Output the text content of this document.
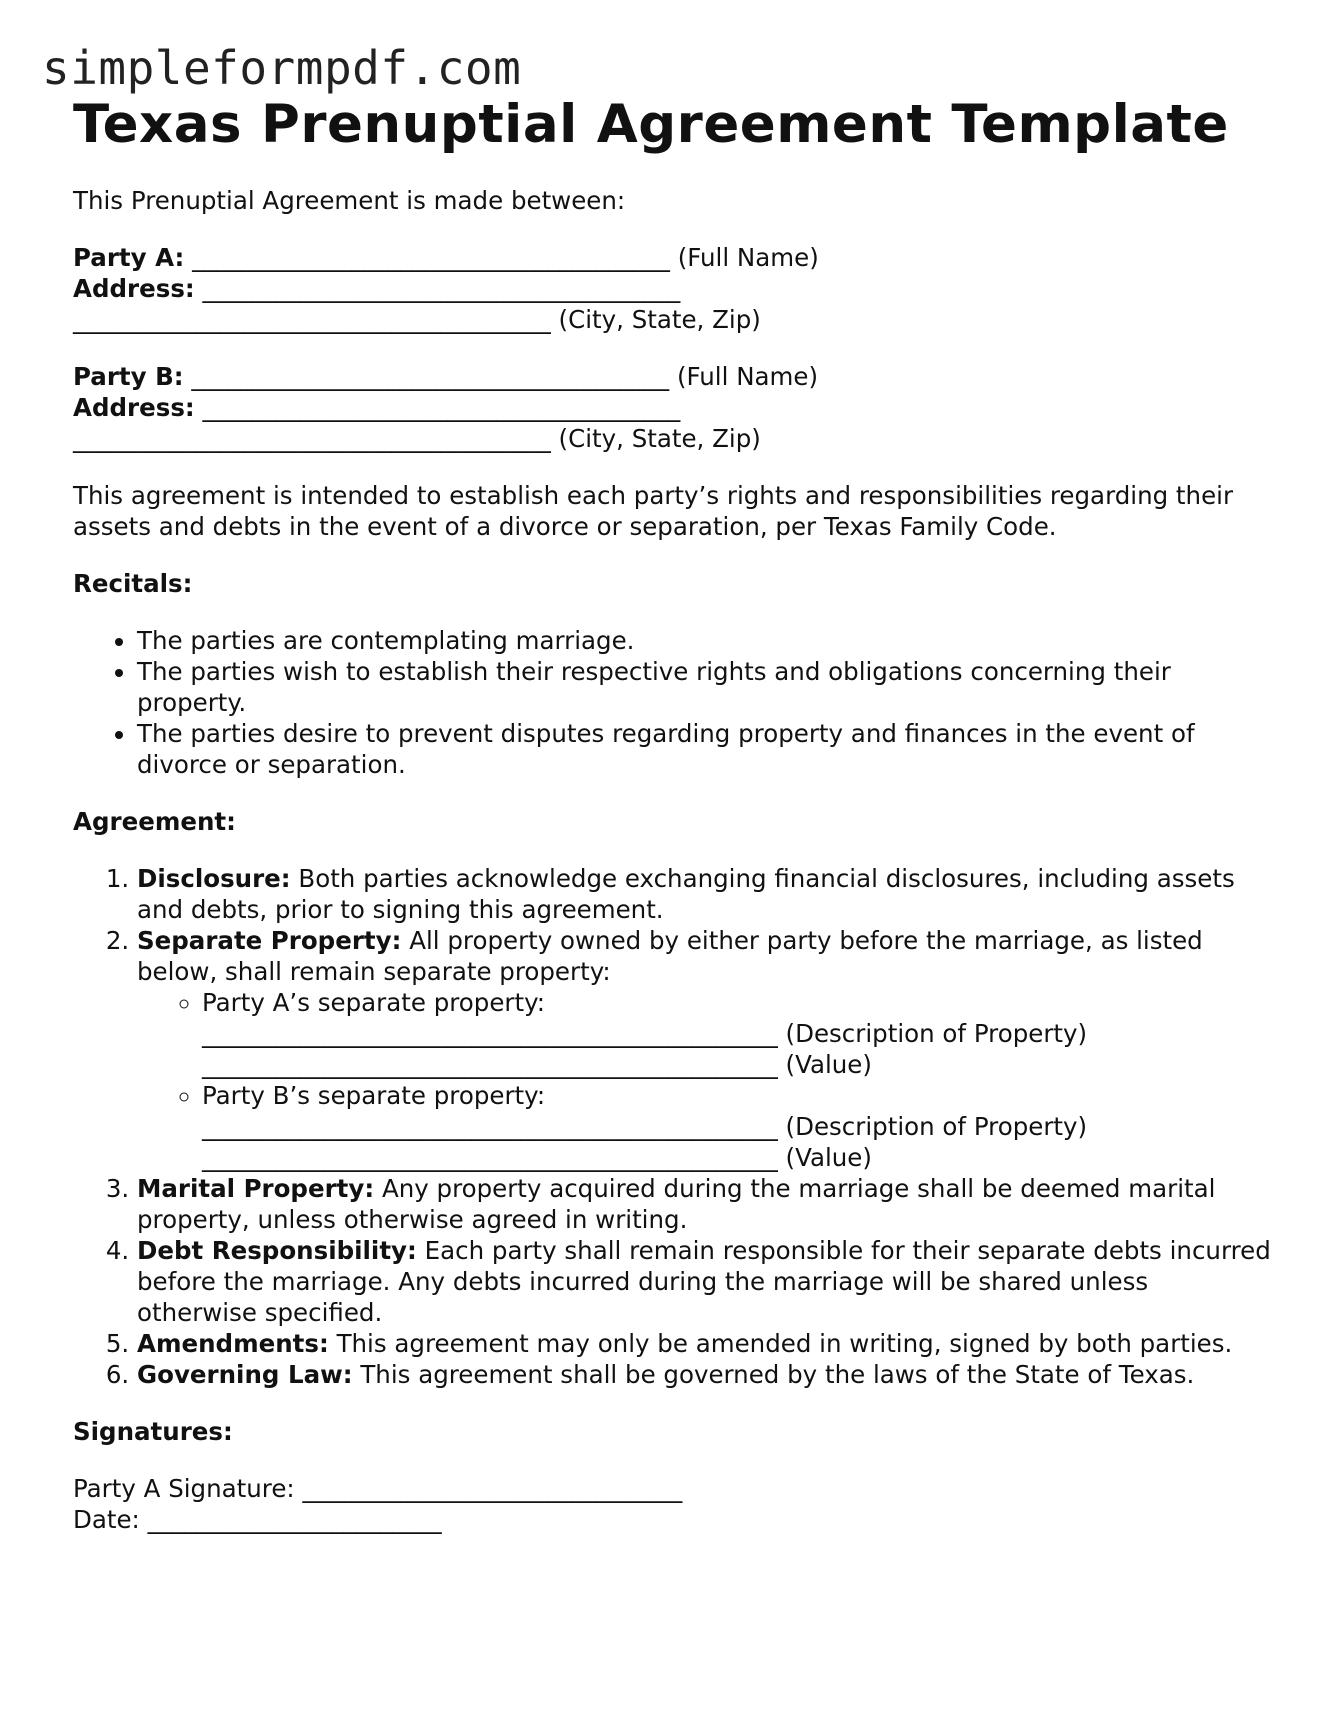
simpleformpdf.com
Texas Prenuptial Agreement Template

This Prenuptial Agreement is made between:

Party A: _______________________________________ (Full Name)
Address: _______________________________________
_______________________________________ (City, State, Zip)
Party B: _______________________________________ (Full Name)
Address: _______________________________________
_______________________________________ (City, State, Zip)

This agreement is intended to establish each party’s rights and responsibilities regarding their assets and debts in the event of a divorce or separation, per Texas Family Code.

Recitals:

• The parties are contemplating marriage.
• The parties wish to establish their respective rights and obligations concerning their property.
• The parties desire to prevent disputes regarding property and finances in the event of divorce or separation.

Agreement:

1. Disclosure: Both parties acknowledge exchanging financial disclosures, including assets and debts, prior to signing this agreement.
2. Separate Property: All property owned by either party before the marriage, as listed below, shall remain separate property:
◦ Party A’s separate property:
_______________________________________________ (Description of Property)
_______________________________________________ (Value)
◦ Party B’s separate property:
_______________________________________________ (Description of Property)
_______________________________________________ (Value)
3. Marital Property: Any property acquired during the marriage shall be deemed marital property, unless otherwise agreed in writing.
4. Debt Responsibility: Each party shall remain responsible for their separate debts incurred before the marriage. Any debts incurred during the marriage will be shared unless otherwise specified.
5. Amendments: This agreement may only be amended in writing, signed by both parties.
6. Governing Law: This agreement shall be governed by the laws of the State of Texas.

Signatures:

Party A Signature: _______________________________
Date: ________________________
